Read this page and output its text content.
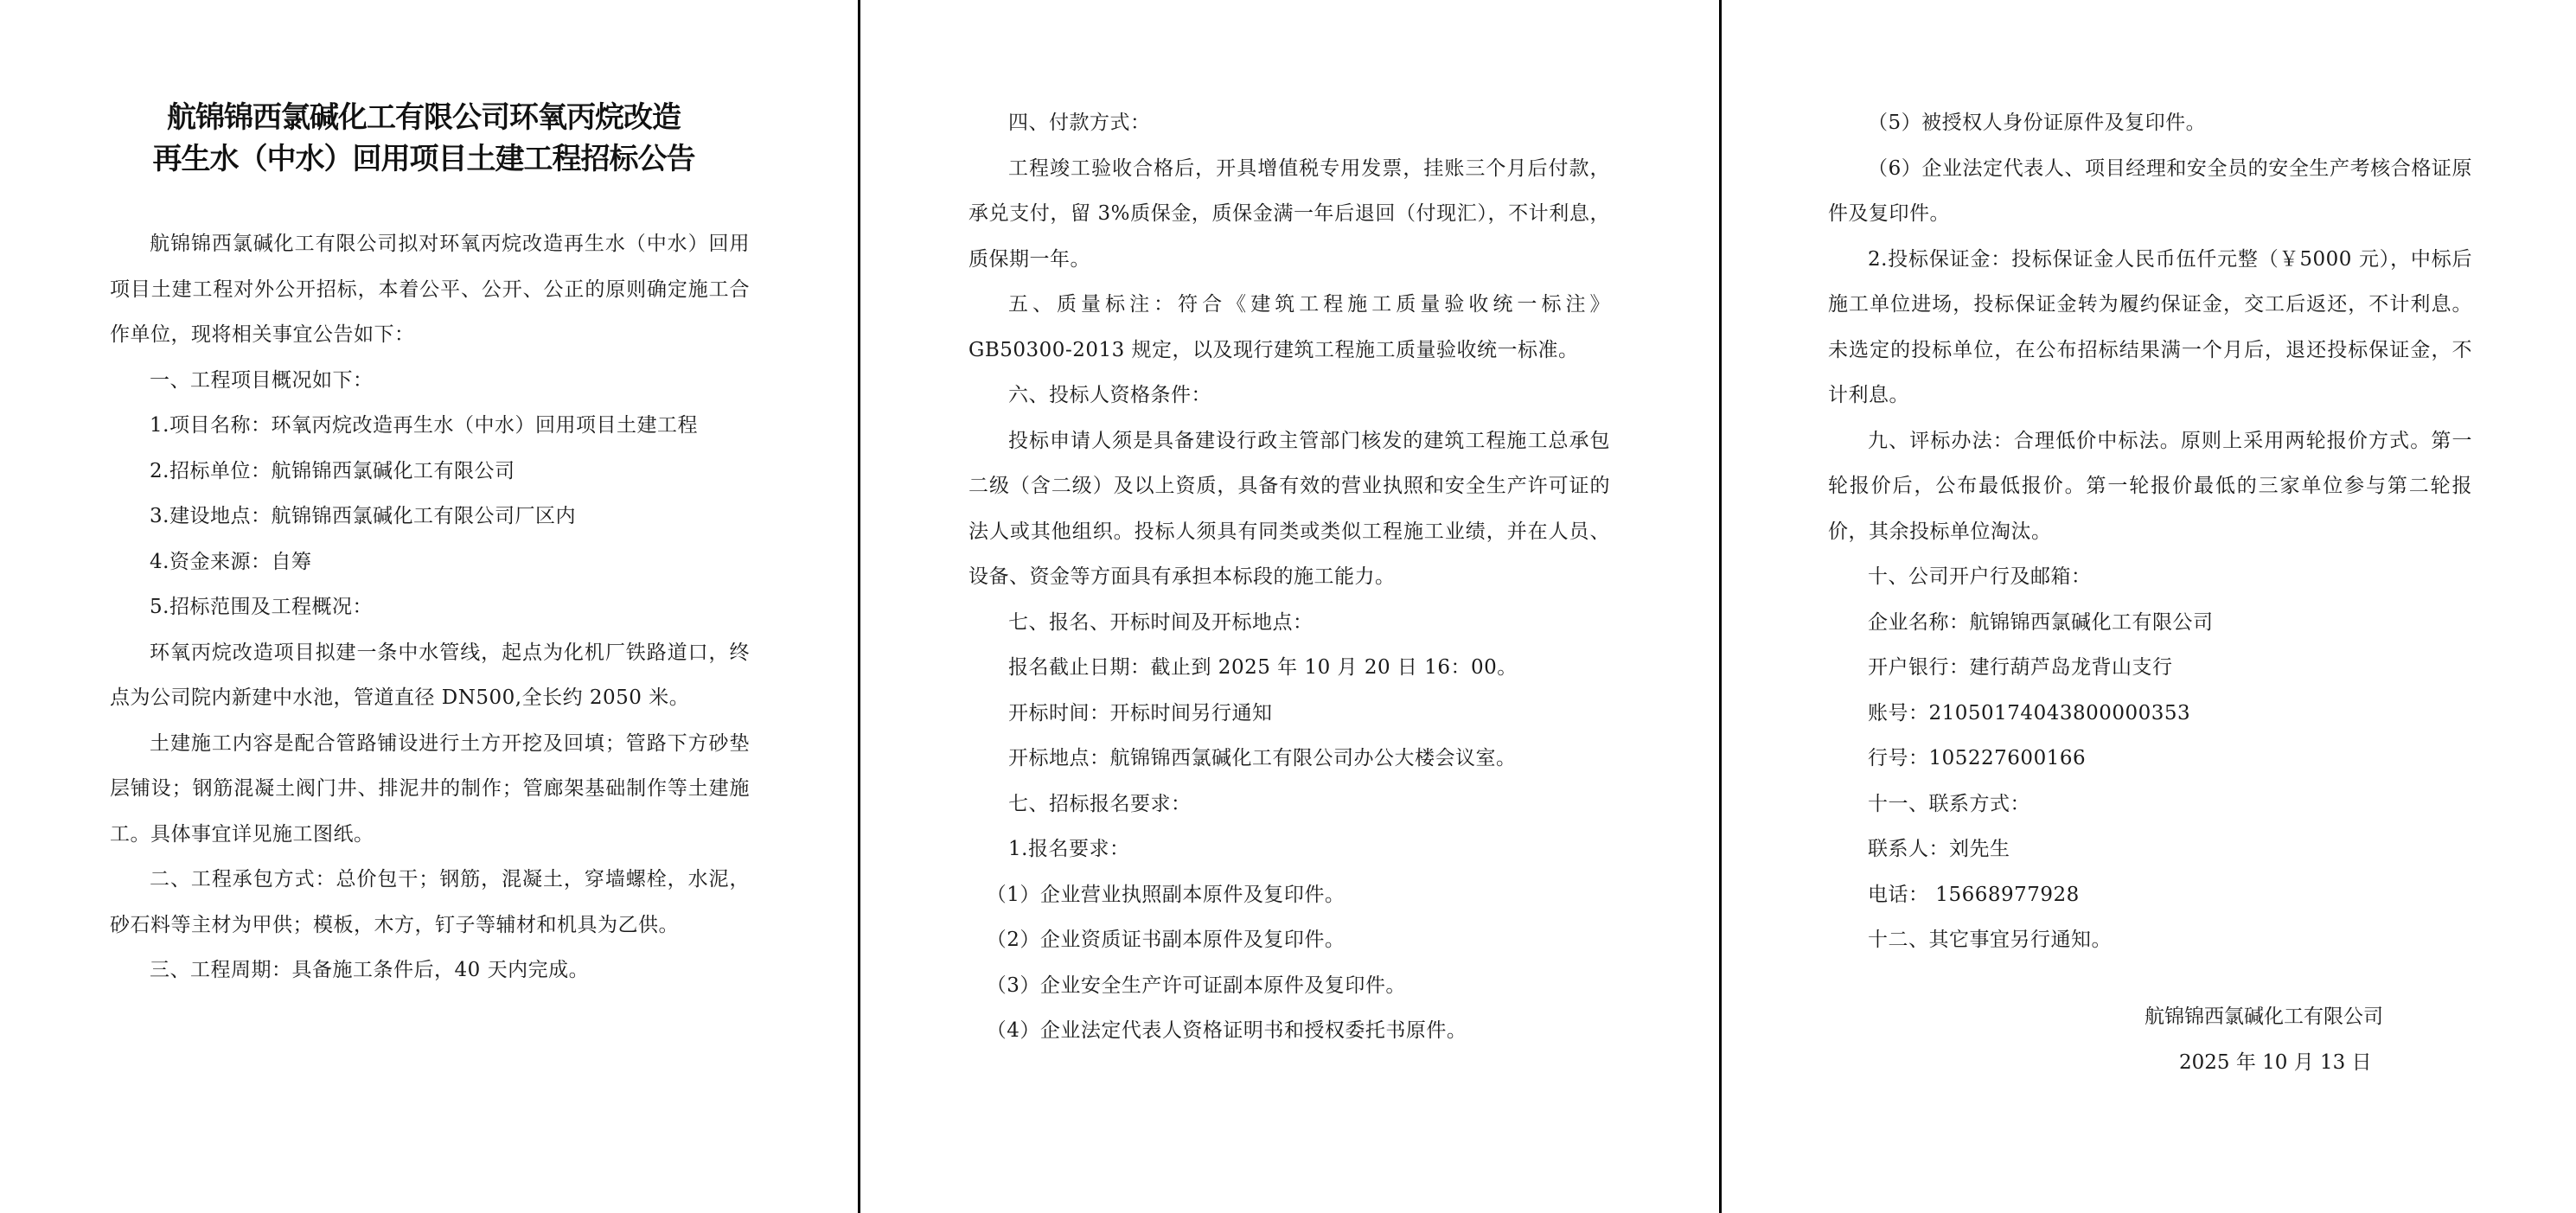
航锦锦西氯碱化工有限公司环氧丙烷改造
再生水（中水）回用项目土建工程招标公告

航锦锦西氯碱化工有限公司拟对环氧丙烷改造再生水（中水）回用项目土建工程对外公开招标，本着公平、公开、公正的原则确定施工合作单位，现将相关事宜公告如下：

一、工程项目概况如下：

1.项目名称：环氧丙烷改造再生水（中水）回用项目土建工程

2.招标单位：航锦锦西氯碱化工有限公司

3.建设地点：航锦锦西氯碱化工有限公司厂区内

4.资金来源：自筹

5.招标范围及工程概况：

环氧丙烷改造项目拟建一条中水管线，起点为化机厂铁路道口，终点为公司院内新建中水池，管道直径 DN500,全长约 2050 米。

土建施工内容是配合管路铺设进行土方开挖及回填；管路下方砂垫层铺设；钢筋混凝土阀门井、排泥井的制作；管廊架基础制作等土建施工。具体事宜详见施工图纸。

二、工程承包方式：总价包干；钢筋，混凝土，穿墙螺栓，水泥，砂石料等主材为甲供；模板，木方，钉子等辅材和机具为乙供。

三、工程周期：具备施工条件后，40 天内完成。

四、付款方式：

工程竣工验收合格后，开具增值税专用发票，挂账三个月后付款，承兑支付，留 3%质保金，质保金满一年后退回（付现汇），不计利息，质保期一年。

五、质量标注：符合《建筑工程施工质量验收统一标注》GB50300-2013 规定，以及现行建筑工程施工质量验收统一标准。

六、投标人资格条件：

投标申请人须是具备建设行政主管部门核发的建筑工程施工总承包二级（含二级）及以上资质，具备有效的营业执照和安全生产许可证的法人或其他组织。投标人须具有同类或类似工程施工业绩，并在人员、设备、资金等方面具有承担本标段的施工能力。

七、报名、开标时间及开标地点：

报名截止日期：截止到 2025 年 10 月 20 日 16：00。

开标时间：开标时间另行通知

开标地点：航锦锦西氯碱化工有限公司办公大楼会议室。

七、招标报名要求：

1.报名要求：

（1）企业营业执照副本原件及复印件。

（2）企业资质证书副本原件及复印件。

（3）企业安全生产许可证副本原件及复印件。

（4）企业法定代表人资格证明书和授权委托书原件。

（5）被授权人身份证原件及复印件。

（6）企业法定代表人、项目经理和安全员的安全生产考核合格证原件及复印件。

2.投标保证金：投标保证金人民币伍仟元整（￥5000 元），中标后施工单位进场，投标保证金转为履约保证金，交工后返还，不计利息。未选定的投标单位，在公布招标结果满一个月后，退还投标保证金，不计利息。

九、评标办法：合理低价中标法。原则上采用两轮报价方式。第一轮报价后，公布最低报价。第一轮报价最低的三家单位参与第二轮报价，其余投标单位淘汰。

十、公司开户行及邮箱：

企业名称：航锦锦西氯碱化工有限公司

开户银行：建行葫芦岛龙背山支行

账号：21050174043800000353

行号：105227600166

十一、联系方式：

联系人：刘先生

电话： 15668977928

十二、其它事宜另行通知。

航锦锦西氯碱化工有限公司
2025 年 10 月 13 日
